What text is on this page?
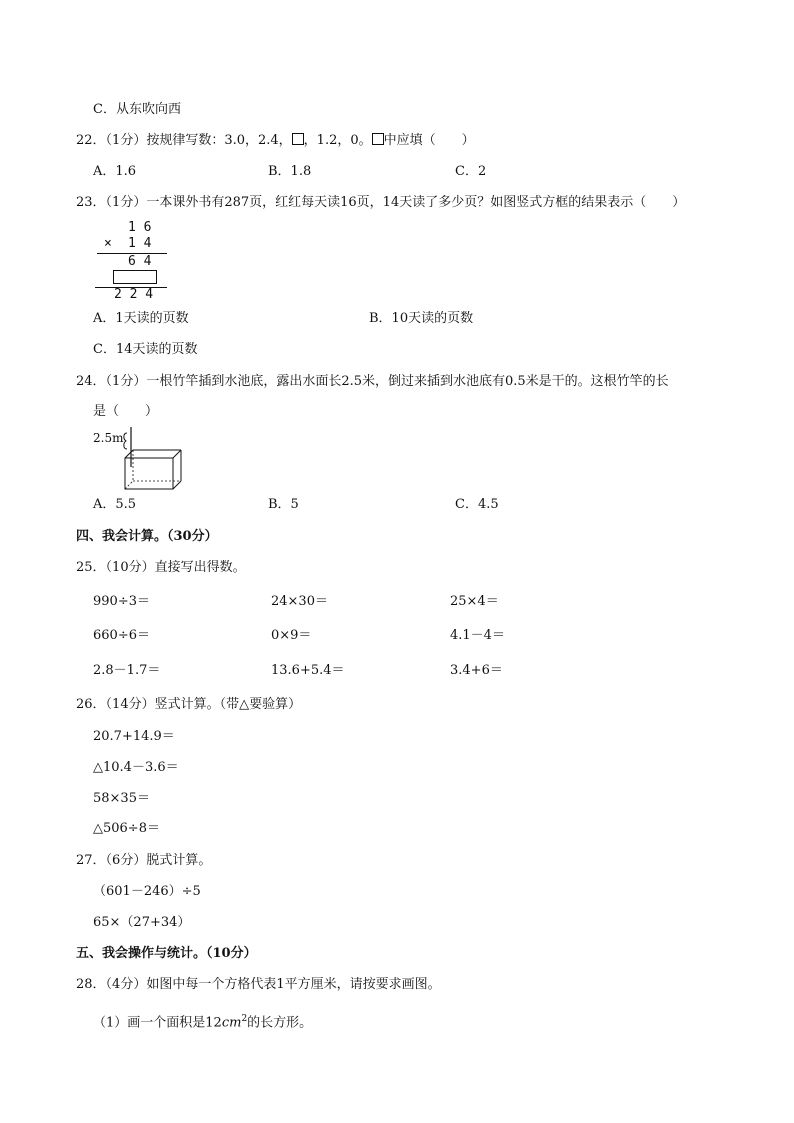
C．从东吹向西
22．（1分）按规律写数：3.0，2.4， ，1.2，0。 中应填（　　）
A．1.6	B．1.8	C．2
23．（1分）一本课外书有287页，红红每天读16页，14天读了多少页？如图竖式方框的结果表示（　　）
1 6
× 1 4
6 4
2 2 4
A．1天读的页数	B．10天读的页数
C．14天读的页数
24．（1分）一根竹竿插到水池底，露出水面长2.5米，倒过来插到水池底有0.5米是干的。这根竹竿的长
是（　　）
2.5m
A．5.5	B．5	C．4.5
四、我会计算。（30分）
25．（10分）直接写出得数。
990÷3＝	24×30＝	25×4＝
660÷6＝	0×9＝	4.1－4＝
2.8－1.7＝	13.6+5.4＝	3.4+6＝
26．（14分）竖式计算。（带△要验算）
20.7+14.9＝
△10.4－3.6＝
58×35＝
△506÷8＝
27．（6分）脱式计算。
（601－246）÷5
65×（27+34）
五、我会操作与统计。（10分）
28．（4分）如图中每一个方格代表1平方厘米，请按要求画图。
（1）画一个面积是$12cm^2$的长方形。
